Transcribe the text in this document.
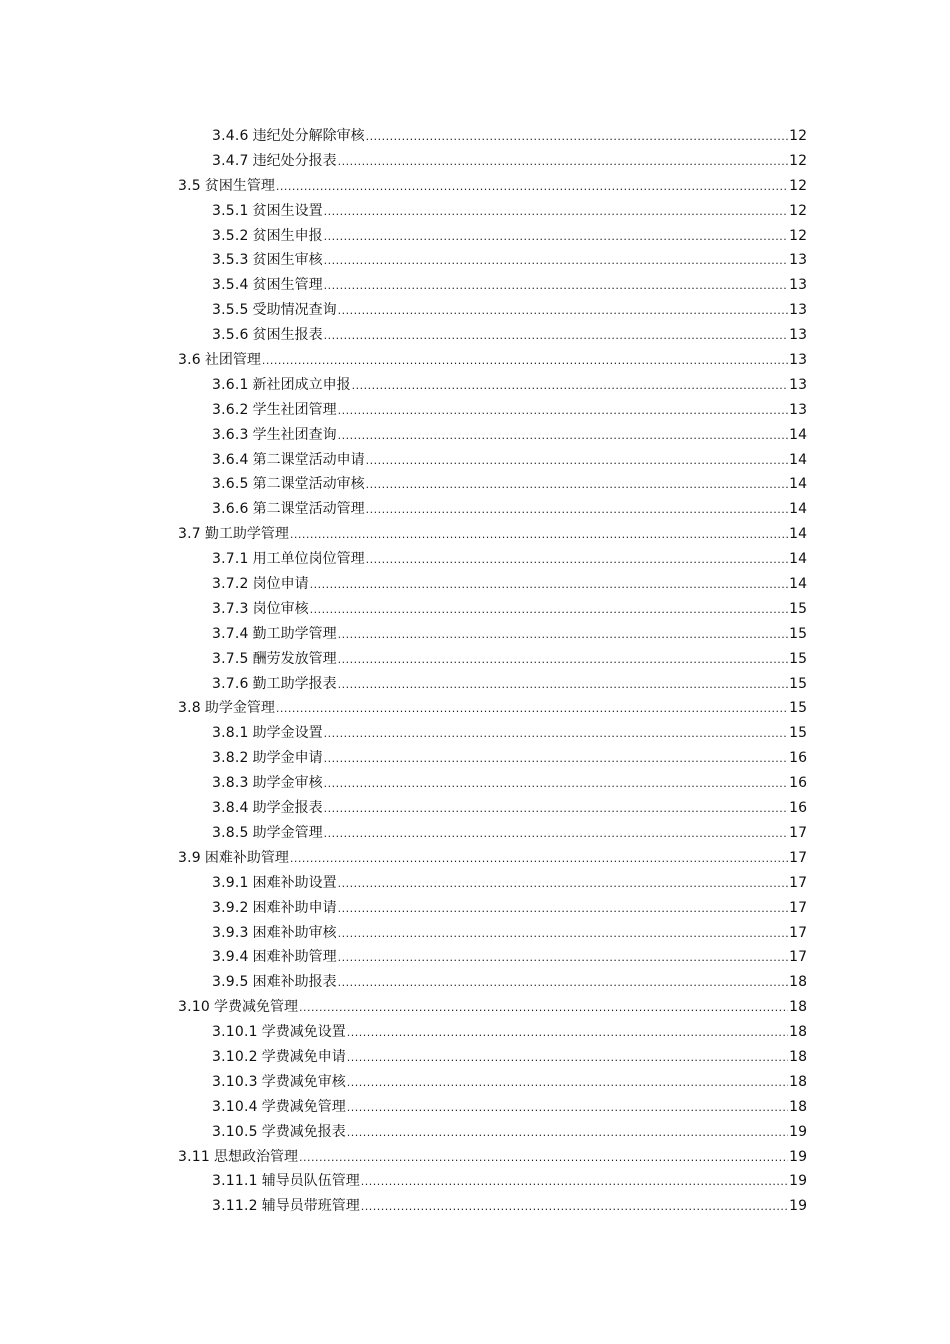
3.4.6 违纪处分解除审核 .....	12
3.4.7 违纪处分报表 .....	12
3.5 贫困生管理 .....	12
3.5.1 贫困生设置 .....	12
3.5.2 贫困生申报 .....	12
3.5.3 贫困生审核 .....	13
3.5.4 贫困生管理 .....	13
3.5.5 受助情况查询 .....	13
3.5.6 贫困生报表 .....	13
3.6 社团管理 .....	13
3.6.1 新社团成立申报 .....	13
3.6.2 学生社团管理 .....	13
3.6.3 学生社团查询 .....	14
3.6.4 第二课堂活动申请 .....	14
3.6.5 第二课堂活动审核 .....	14
3.6.6 第二课堂活动管理 .....	14
3.7 勤工助学管理 .....	14
3.7.1 用工单位岗位管理 .....	14
3.7.2 岗位申请 .....	14
3.7.3 岗位审核 .....	15
3.7.4 勤工助学管理 .....	15
3.7.5 酬劳发放管理 .....	15
3.7.6 勤工助学报表 .....	15
3.8 助学金管理 .....	15
3.8.1 助学金设置 .....	15
3.8.2 助学金申请 .....	16
3.8.3 助学金审核 .....	16
3.8.4 助学金报表 .....	16
3.8.5 助学金管理 .....	17
3.9 困难补助管理 .....	17
3.9.1 困难补助设置 .....	17
3.9.2 困难补助申请 .....	17
3.9.3 困难补助审核 .....	17
3.9.4 困难补助管理 .....	17
3.9.5 困难补助报表 .....	18
3.10 学费减免管理 .....	18
3.10.1 学费减免设置 .....	18
3.10.2 学费减免申请 .....	18
3.10.3 学费减免审核 .....	18
3.10.4 学费减免管理 .....	18
3.10.5 学费减免报表 .....	19
3.11 思想政治管理 .....	19
3.11.1 辅导员队伍管理 .....	19
3.11.2 辅导员带班管理 .....	19
